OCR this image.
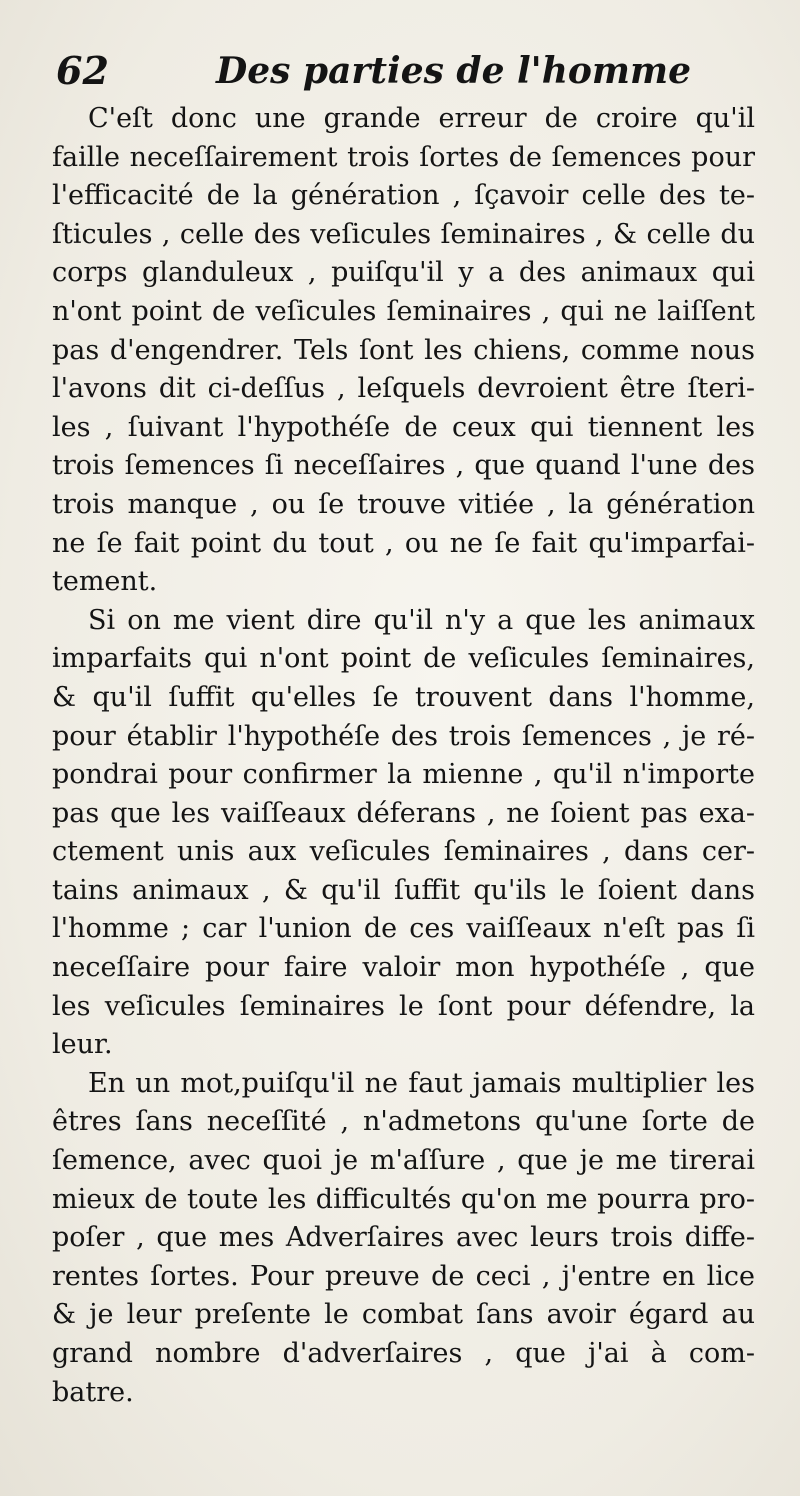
62	Des parties de l'homme
C'eſt donc une grande erreur de croire qu'il
faille neceſſairement trois ſortes de ſemences pour
l'efficacité de la génération , ſçavoir celle des te-
ſticules , celle des veſicules ſeminaires , & celle du
corps glanduleux , puiſqu'il y a des animaux qui
n'ont point de veſicules ſeminaires , qui ne laiſſent
pas d'engendrer. Tels ſont les chiens, comme nous
l'avons dit ci-deſſus , leſquels devroient être ſteri-
les , ſuivant l'hypothéſe de ceux qui tiennent les
trois ſemences ſi neceſſaires , que quand l'une des
trois manque , ou ſe trouve vitiée , la génération
ne ſe fait point du tout , ou ne ſe fait qu'imparfai-
tement.
Si on me vient dire qu'il n'y a que les animaux
imparfaits qui n'ont point de veſicules ſeminaires,
& qu'il ſuffit qu'elles ſe trouvent dans l'homme,
pour établir l'hypothéſe des trois ſemences , je ré-
pondrai pour confirmer la mienne , qu'il n'importe
pas que les vaiſſeaux déferans , ne ſoient pas exa-
ctement unis aux veſicules ſeminaires , dans cer-
tains animaux , & qu'il ſuffit qu'ils le ſoient dans
l'homme ; car l'union de ces vaiſſeaux n'eſt pas ſi
neceſſaire pour faire valoir mon hypothéſe , que
les veſicules ſeminaires le ſont pour défendre, la
leur.
En un mot,puiſqu'il ne faut jamais multiplier les
êtres ſans neceſſité , n'admetons qu'une ſorte de
ſemence, avec quoi je m'aſſure , que je me tirerai
mieux de toute les difficultés qu'on me pourra pro-
poſer , que mes Adverſaires avec leurs trois diffe-
rentes ſortes. Pour preuve de ceci , j'entre en lice
& je leur preſente le combat ſans avoir égard au
grand nombre d'adverſaires , que j'ai à com-
batre.
